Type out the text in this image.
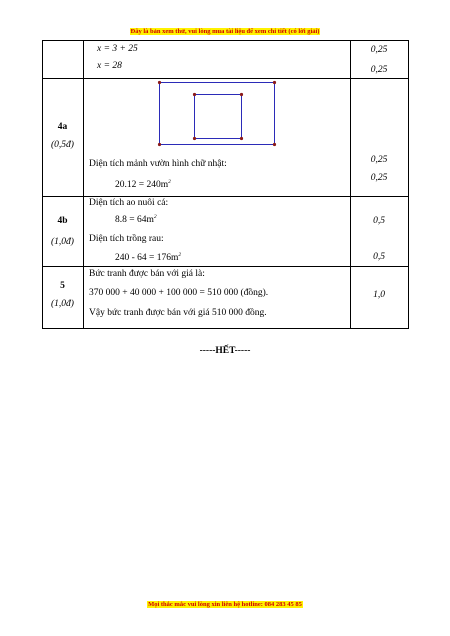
Đây là bản xem thử, vui lòng mua tài liệu để xem chi tiết (có lời giải)
x = 3 + 25
x = 28
0,25
0,25
4a
(0,5đ)
Diện tích mảnh vườn hình chữ nhật:
$20.12 = 240m^2$
0,25
0,25
Diện tích ao nuôi cá:
$8.8 = 64m^2$
Diện tích trồng rau:
$240 - 64 = 176m^2$
4b
(1,0đ)
0,5
0,5
5
(1,0đ)
Bức tranh được bán với giá là:
370 000 + 40 000 + 100 000 = 510 000 (đồng).
Vậy bức tranh được bán với giá 510 000 đồng.
1,0
-----HẾT-----
Mọi thắc mắc vui lòng xin liên hệ hotline: 084 283 45 85
